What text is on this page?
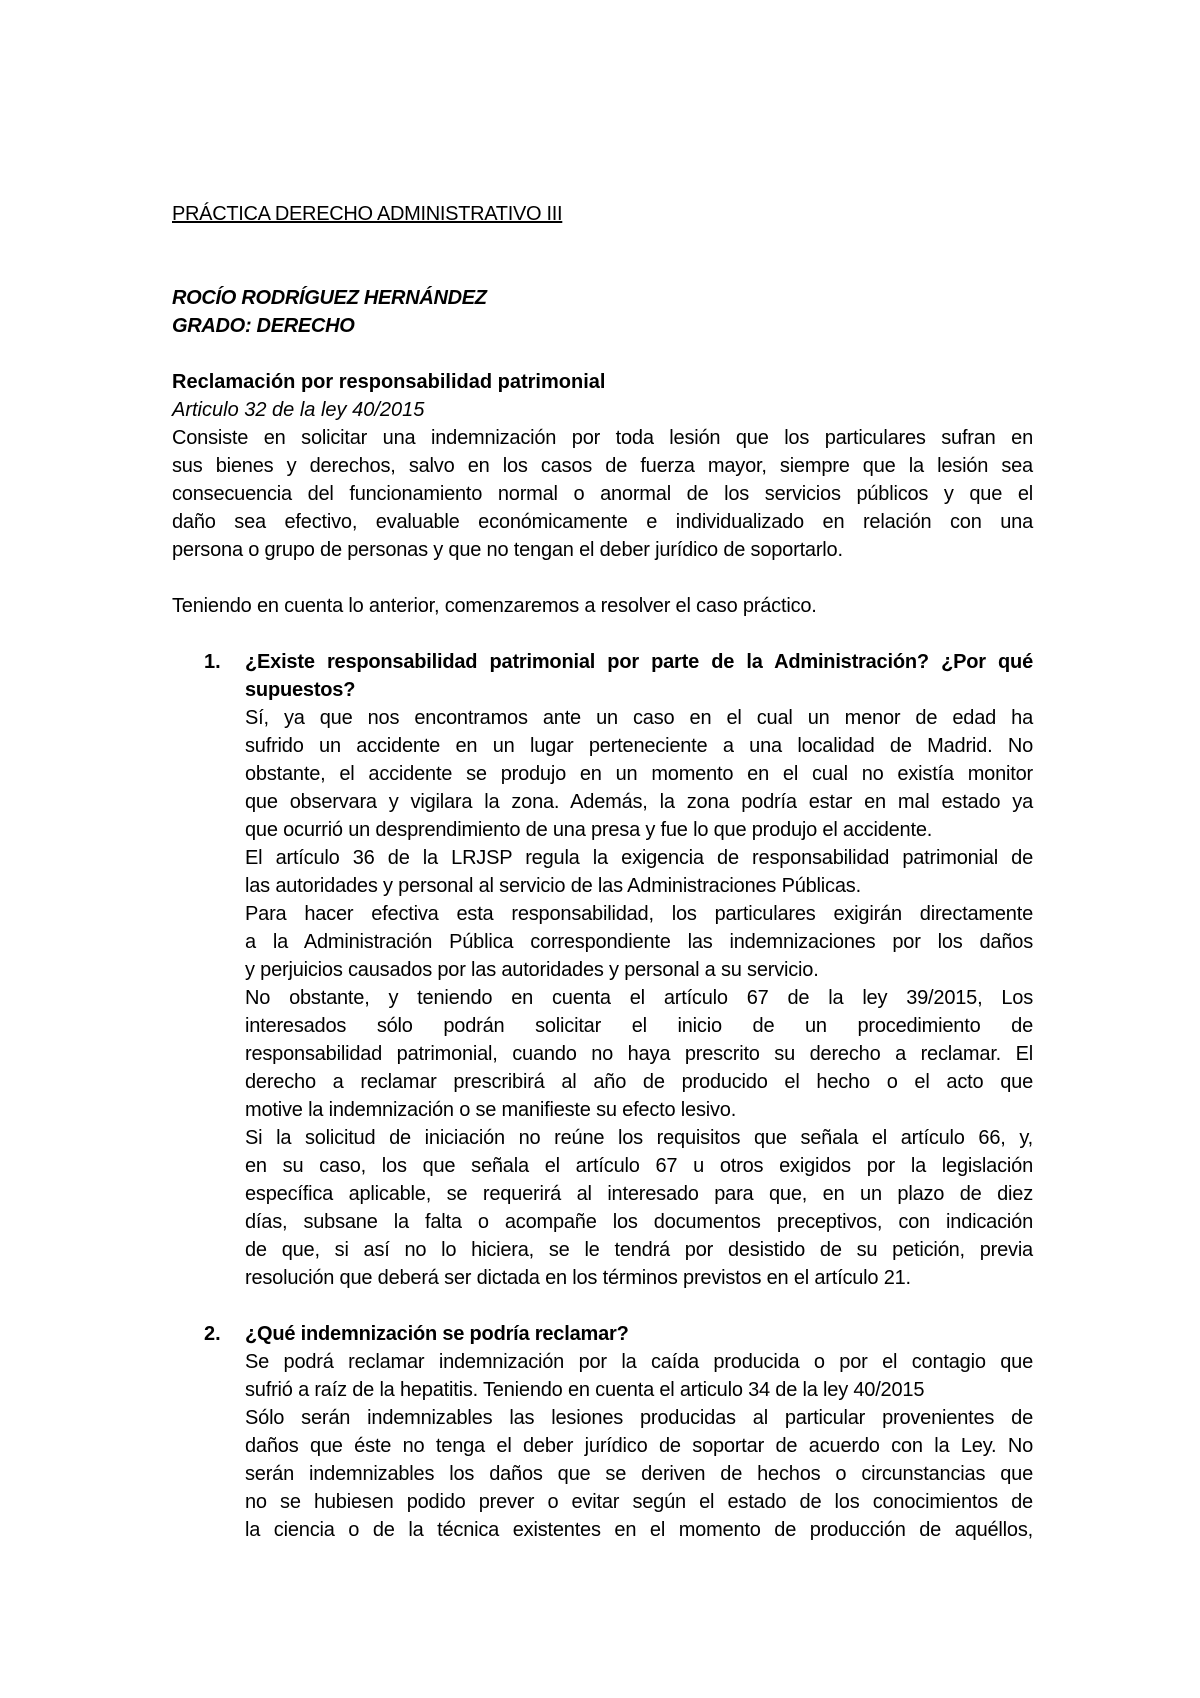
PRÁCTICA DERECHO ADMINISTRATIVO III
ROCÍO RODRÍGUEZ HERNÁNDEZ
GRADO: DERECHO
Reclamación por responsabilidad patrimonial
Articulo 32 de la ley 40/2015
Consiste en solicitar una indemnización por toda lesión que los particulares sufran en
sus bienes y derechos, salvo en los casos de fuerza mayor, siempre que la lesión sea
consecuencia del funcionamiento normal o anormal de los servicios públicos y que el
daño sea efectivo, evaluable económicamente e individualizado en relación con una
persona o grupo de personas y que no tengan el deber jurídico de soportarlo.
Teniendo en cuenta lo anterior, comenzaremos a resolver el caso práctico.
1. ¿Existe responsabilidad patrimonial por parte de la Administración? ¿Por qué
supuestos?
Sí, ya que nos encontramos ante un caso en el cual un menor de edad ha
sufrido un accidente en un lugar perteneciente a una localidad de Madrid. No
obstante, el accidente se produjo en un momento en el cual no existía monitor
que observara y vigilara la zona. Además, la zona podría estar en mal estado ya
que ocurrió un desprendimiento de una presa y fue lo que produjo el accidente.
El artículo 36 de la LRJSP regula la exigencia de responsabilidad patrimonial de
las autoridades y personal al servicio de las Administraciones Públicas.
Para hacer efectiva esta responsabilidad, los particulares exigirán directamente
a la Administración Pública correspondiente las indemnizaciones por los daños
y perjuicios causados por las autoridades y personal a su servicio.
No obstante, y teniendo en cuenta el artículo 67 de la ley 39/2015, Los
interesados sólo podrán solicitar el inicio de un procedimiento de
responsabilidad patrimonial, cuando no haya prescrito su derecho a reclamar. El
derecho a reclamar prescribirá al año de producido el hecho o el acto que
motive la indemnización o se manifieste su efecto lesivo.
Si la solicitud de iniciación no reúne los requisitos que señala el artículo 66, y,
en su caso, los que señala el artículo 67 u otros exigidos por la legislación
específica aplicable, se requerirá al interesado para que, en un plazo de diez
días, subsane la falta o acompañe los documentos preceptivos, con indicación
de que, si así no lo hiciera, se le tendrá por desistido de su petición, previa
resolución que deberá ser dictada en los términos previstos en el artículo 21.
2. ¿Qué indemnización se podría reclamar?
Se podrá reclamar indemnización por la caída producida o por el contagio que
sufrió a raíz de la hepatitis. Teniendo en cuenta el articulo 34 de la ley 40/2015
Sólo serán indemnizables las lesiones producidas al particular provenientes de
daños que éste no tenga el deber jurídico de soportar de acuerdo con la Ley. No
serán indemnizables los daños que se deriven de hechos o circunstancias que
no se hubiesen podido prever o evitar según el estado de los conocimientos de
la ciencia o de la técnica existentes en el momento de producción de aquéllos,
